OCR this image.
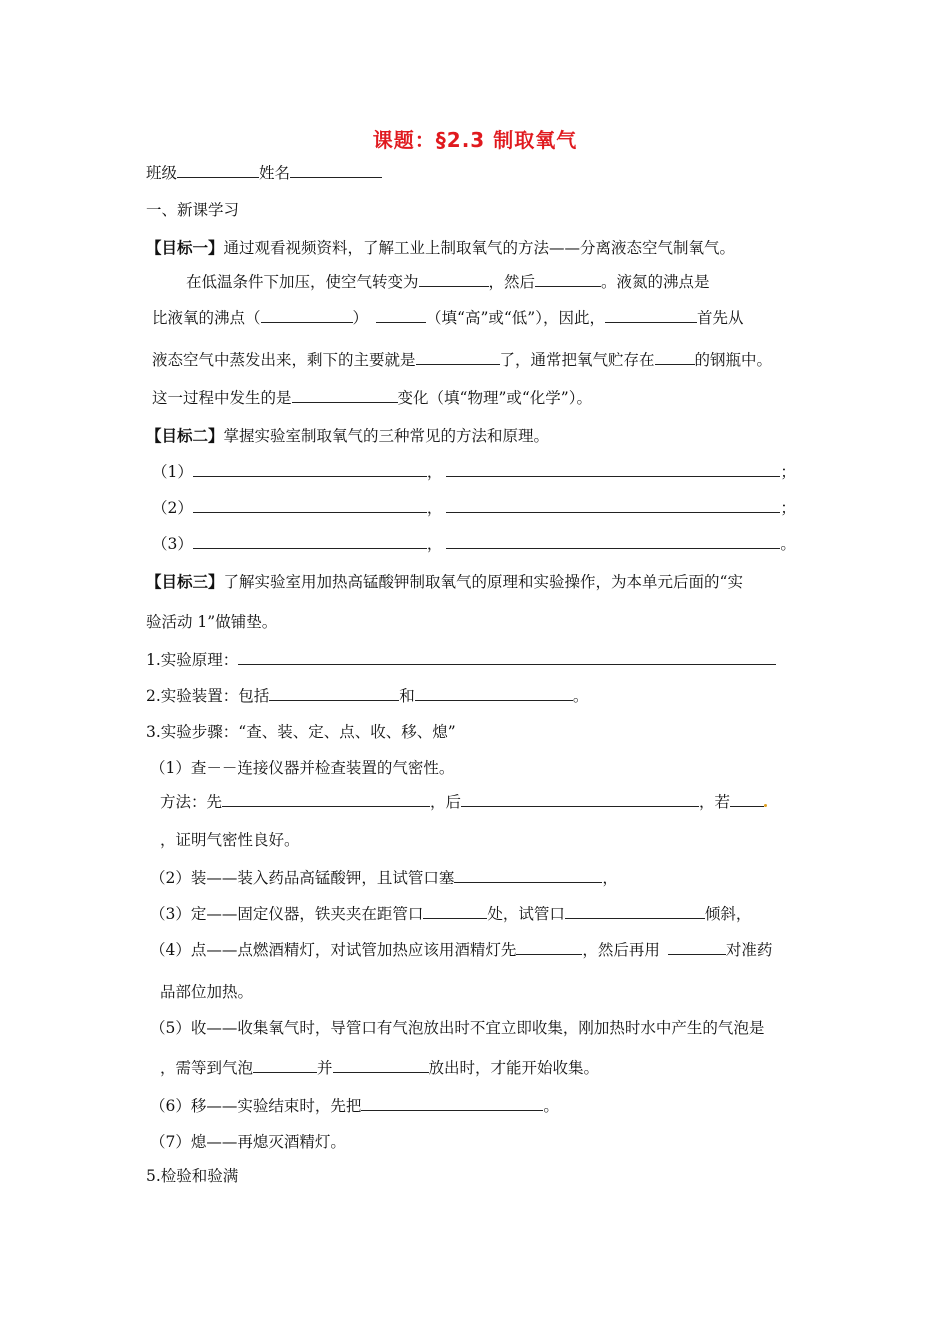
课题：§2.3 制取氧气
班级	姓名
一、新课学习
【目标一】通过观看视频资料，了解工业上制取氧气的方法——分离液态空气制氧气。
在低温条件下加压，使空气转变为	，然后	。液氮的沸点是
比液氧的沸点（	）	（填“高”或“低”），因此，	首先从
液态空气中蒸发出来，剩下的主要就是	了，通常把氧气贮存在	的钢瓶中。
这一过程中发生的是	变化（填“物理”或“化学”）。
【目标二】掌握实验室制取氧气的三种常见的方法和原理。
（1）	，	；
（2）	，	；
（3）	，	。
【目标三】了解实验室用加热高锰酸钾制取氧气的原理和实验操作，为本单元后面的“实
验活动 1”做铺垫。
1.实验原理：
2.实验装置：包括	和	。
3.实验步骤：“查、装、定、点、收、移、熄”
（1）查－－连接仪器并检查装置的气密性。
方法：先	，后	，若
，证明气密性良好。
（2）装——装入药品高锰酸钾，且试管口塞	，
（3）定——固定仪器，铁夹夹在距管口	处，试管口	倾斜，
（4）点——点燃酒精灯，对试管加热应该用酒精灯先	，然后再用	对准药
品部位加热。
（5）收——收集氧气时，导管口有气泡放出时不宜立即收集，刚加热时水中产生的气泡是
，需等到气泡	并	放出时，才能开始收集。
（6）移——实验结束时，先把	。
（7）熄——再熄灭酒精灯。
5.检验和验满
